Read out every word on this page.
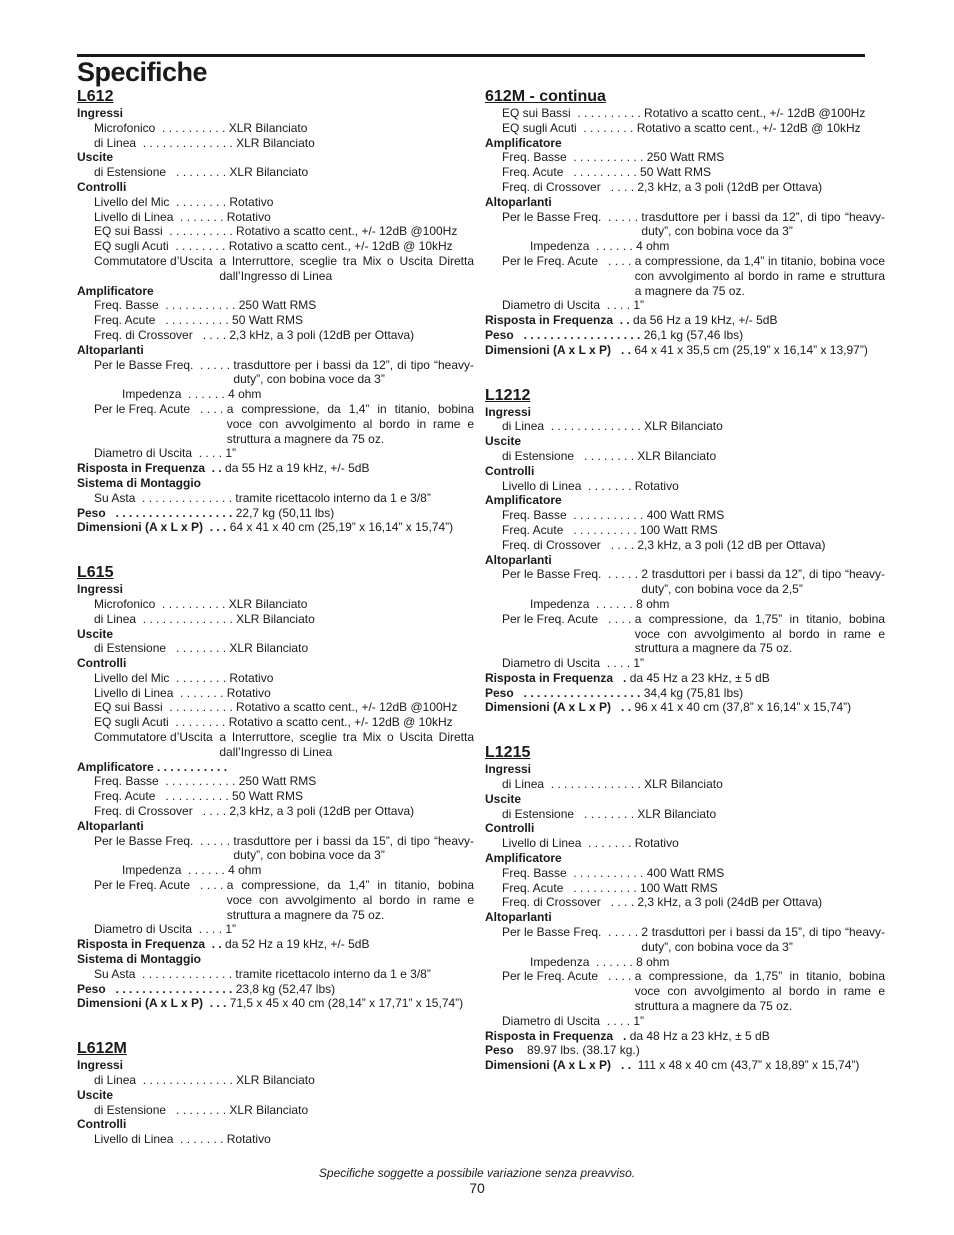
Specifiche
L612
Ingressi
Microfonico  . . . . . . . . . . XLR Bilanciato
di Linea  . . . . . . . . . . . . . . XLR Bilanciato
Uscite
di Estensione   . . . . . . . . XLR Bilanciato
Controlli
Livello del Mic  . . . . . . . . Rotativo
Livello di Linea  . . . . . . . Rotativo
EQ sui Bassi  . . . . . . . . . . Rotativo a scatto cent., +/- 12dB @100Hz
EQ sugli Acuti  . . . . . . . . Rotativo a scatto cent., +/- 12dB @ 10kHz
Commutatore d’Uscita a Interruttore, sceglie tra Mix o Uscita Diretta dall’Ingresso di Linea
Amplificatore
Freq. Basse  . . . . . . . . . . . 250 Watt RMS
Freq. Acute   . . . . . . . . . . 50 Watt RMS
Freq. di Crossover   . . . . 2,3 kHz, a 3 poli (12dB per Ottava)
Altoparlanti
Per le Basse Freq.  . . . . . trasduttore per i bassi da 12”, di tipo “heavy-duty”, con bobina voce da 3”
Impedenza  . . . . . . 4 ohm
Per le Freq. Acute   . . . . a compressione, da 1,4” in titanio, bobina voce con avvolgimento al bordo in rame e struttura a magnere da 75 oz.
Diametro di Uscita  . . . . 1”
Risposta in Frequenza  . . da 55 Hz a 19 kHz, +/- 5dB
Sistema di Montaggio
Su Asta  . . . . . . . . . . . . . . tramite ricettacolo interno da 1 e 3/8”
Peso   . . . . . . . . . . . . . . . . . . 22,7 kg (50,11 lbs)
Dimensioni (A x L x P)  . . . 64 x 41 x 40 cm (25,19” x 16,14” x 15,74”)
L615
Ingressi
Microfonico  . . . . . . . . . . XLR Bilanciato
di Linea  . . . . . . . . . . . . . . XLR Bilanciato
Uscite
di Estensione   . . . . . . . . XLR Bilanciato
Controlli
Livello del Mic  . . . . . . . . Rotativo
Livello di Linea  . . . . . . . Rotativo
EQ sui Bassi  . . . . . . . . . . Rotativo a scatto cent., +/- 12dB @100Hz
EQ sugli Acuti  . . . . . . . . Rotativo a scatto cent., +/- 12dB @ 10kHz
Commutatore d’Uscita a Interruttore, sceglie tra Mix o Uscita Diretta dall’Ingresso di Linea
Amplificatore . . . . . . . . . . .
Freq. Basse  . . . . . . . . . . . 250 Watt RMS
Freq. Acute   . . . . . . . . . . 50 Watt RMS
Freq. di Crossover   . . . . 2,3 kHz, a 3 poli (12dB per Ottava)
Altoparlanti
Per le Basse Freq.  . . . . . trasduttore per i bassi da 15”, di tipo “heavy-duty”, con bobina voce da 3”
Impedenza  . . . . . . 4 ohm
Per le Freq. Acute   . . . . a compressione, da 1,4” in titanio, bobina voce con avvolgimento al bordo in rame e struttura a magnere da 75 oz.
Diametro di Uscita  . . . . 1”
Risposta in Frequenza  . . da 52 Hz a 19 kHz, +/- 5dB
Sistema di Montaggio
Su Asta  . . . . . . . . . . . . . . tramite ricettacolo interno da 1 e 3/8”
Peso   . . . . . . . . . . . . . . . . . . 23,8 kg (52,47 lbs)
Dimensioni (A x L x P)  . . . 71,5 x 45 x 40 cm (28,14” x 17,71” x 15,74”)
L612M
Ingressi
di Linea  . . . . . . . . . . . . . . XLR Bilanciato
Uscite
di Estensione   . . . . . . . . XLR Bilanciato
Controlli
Livello di Linea  . . . . . . . Rotativo
612M - continua
EQ sui Bassi  . . . . . . . . . . Rotativo a scatto cent., +/- 12dB @100Hz
EQ sugli Acuti  . . . . . . . . Rotativo a scatto cent., +/- 12dB @ 10kHz
Amplificatore
Freq. Basse  . . . . . . . . . . . 250 Watt RMS
Freq. Acute   . . . . . . . . . . 50 Watt RMS
Freq. di Crossover   . . . . 2,3 kHz, a 3 poli (12dB per Ottava)
Altoparlanti
Per le Basse Freq.  . . . . . trasduttore per i bassi da 12”, di tipo “heavy-duty”, con bobina voce da 3”
Impedenza  . . . . . . 4 ohm
Per le Freq. Acute   . . . . a compressione, da 1,4” in titanio, bobina voce con avvolgimento al bordo in rame e struttura a magnere da 75 oz.
Diametro di Uscita  . . . . 1”
Risposta in Frequenza  . . da 56 Hz a 19 kHz, +/- 5dB
Peso   . . . . . . . . . . . . . . . . . . 26,1 kg (57,46 lbs)
Dimensioni (A x L x P)   . . 64 x 41 x 35,5 cm (25,19” x 16,14” x 13,97”)
L1212
Ingressi
di Linea  . . . . . . . . . . . . . . XLR Bilanciato
Uscite
di Estensione   . . . . . . . . XLR Bilanciato
Controlli
Livello di Linea  . . . . . . . Rotativo
Amplificatore
Freq. Basse  . . . . . . . . . . . 400 Watt RMS
Freq. Acute   . . . . . . . . . . 100 Watt RMS
Freq. di Crossover   . . . . 2,3 kHz, a 3 poli (12 dB per Ottava)
Altoparlanti
Per le Basse Freq.  . . . . . 2 trasduttori per i bassi da 12”, di tipo “heavy-duty”, con bobina voce da 2,5”
Impedenza  . . . . . . 8 ohm
Per le Freq. Acute   . . . . a compressione, da 1,75” in titanio, bobina voce con avvolgimento al bordo in rame e struttura a magnere da 75 oz.
Diametro di Uscita  . . . . 1”
Risposta in Frequenza   . da 45 Hz a 23 kHz, ± 5 dB
Peso   . . . . . . . . . . . . . . . . . . 34,4 kg (75,81 lbs)
Dimensioni (A x L x P)   . . 96 x 41 x 40 cm (37,8” x 16,14” x 15,74”)
L1215
Ingressi
di Linea  . . . . . . . . . . . . . . XLR Bilanciato
Uscite
di Estensione   . . . . . . . . XLR Bilanciato
Controlli
Livello di Linea  . . . . . . . Rotativo
Amplificatore
Freq. Basse  . . . . . . . . . . . 400 Watt RMS
Freq. Acute   . . . . . . . . . . 100 Watt RMS
Freq. di Crossover   . . . . 2,3 kHz, a 3 poli (24dB per Ottava)
Altoparlanti
Per le Basse Freq.  . . . . . 2 trasduttori per i bassi da 15”, di tipo “heavy-duty”, con bobina voce da 3”
Impedenza  . . . . . . 8 ohm
Per le Freq. Acute   . . . . a compressione, da 1,75” in titanio, bobina voce con avvolgimento al bordo in rame e struttura a magnere da 75 oz.
Diametro di Uscita  . . . . 1”
Risposta in Frequenza   . da 48 Hz a 23 kHz, ± 5 dB
Peso 89.97 lbs. (38.17 kg.)
Dimensioni (A x L x P)   . . 111 x 48 x 40 cm (43,7” x 18,89” x 15,74”)
Specifiche soggette a possibile variazione senza preavviso.
70
